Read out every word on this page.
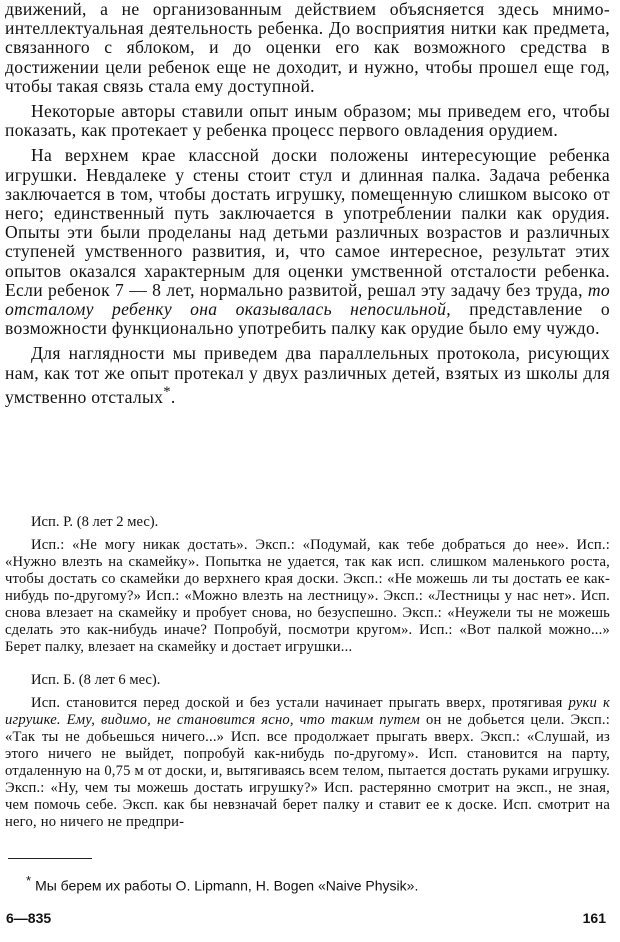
движений, а не организованным действием объясняется здесь мнимо-интеллектуальная деятельность ребенка. До восприятия нитки как предмета, связанного с яблоком, и до оценки его как возможного средства в достижении цели ребенок еще не доходит, и нужно, чтобы прошел еще год, чтобы такая связь стала ему доступной.

Некоторые авторы ставили опыт иным образом; мы приведем его, чтобы показать, как протекает у ребенка процесс первого овладения орудием.

На верхнем крае классной доски положены интересующие ребенка игрушки. Невдалеке у стены стоит стул и длинная палка. Задача ребенка заключается в том, чтобы достать игрушку, помещенную слишком высоко от него; единственный путь заключается в употреблении палки как орудия. Опыты эти были проделаны над детьми различных возрастов и различных ступеней умственного развития, и, что самое интересное, результат этих опытов оказался характерным для оценки умственной отсталости ребенка. Если ребенок 7 — 8 лет, нормально развитой, решал эту задачу без труда, то отсталому ребенку она оказывалась непосильной, представление о возможности функционально употребить палку как орудие было ему чуждо.

Для наглядности мы приведем два параллельных протокола, рисующих нам, как тот же опыт протекал у двух различных детей, взятых из школы для умственно отсталых*.

Исп. Р. (8 лет 2 мес).

Исп.: «Не могу никак достать». Эксп.: «Подумай, как тебе добраться до нее». Исп.: «Нужно влезть на скамейку». Попытка не удается, так как исп. слишком маленького роста, чтобы достать со скамейки до верхнего края доски. Эксп.: «Не можешь ли ты достать ее как-нибудь по-другому?» Исп.: «Можно влезть на лестницу». Эксп.: «Лестницы у нас нет». Исп. снова влезает на скамейку и пробует снова, но безуспешно. Эксп.: «Неужели ты не можешь сделать это как-нибудь иначе? Попробуй, посмотри кругом». Исп.: «Вот палкой можно...» Берет палку, влезает на скамейку и достает игрушки...

Исп. Б. (8 лет 6 мес).

Исп. становится перед доской и без устали начинает прыгать вверх, протягивая руки к игрушке. Ему, видимо, не становится ясно, что таким путем он не добьется цели. Эксп.: «Так ты не добьешься ничего...» Исп. все продолжает прыгать вверх. Эксп.: «Слушай, из этого ничего не выйдет, попробуй как-нибудь по-другому». Исп. становится на парту, отдаленную на 0,75 м от доски, и, вытягиваясь всем телом, пытается достать руками игрушку. Эксп.: «Ну, чем ты можешь достать игрушку?» Исп. растерянно смотрит на эксп., не зная, чем помочь себе. Эксп. как бы невзначай берет палку и ставит ее к доске. Исп. смотрит на него, но ничего не предпри-

* Мы берем их работы O. Lipmann, H. Bogen «Naive Physik».
6—835	161
